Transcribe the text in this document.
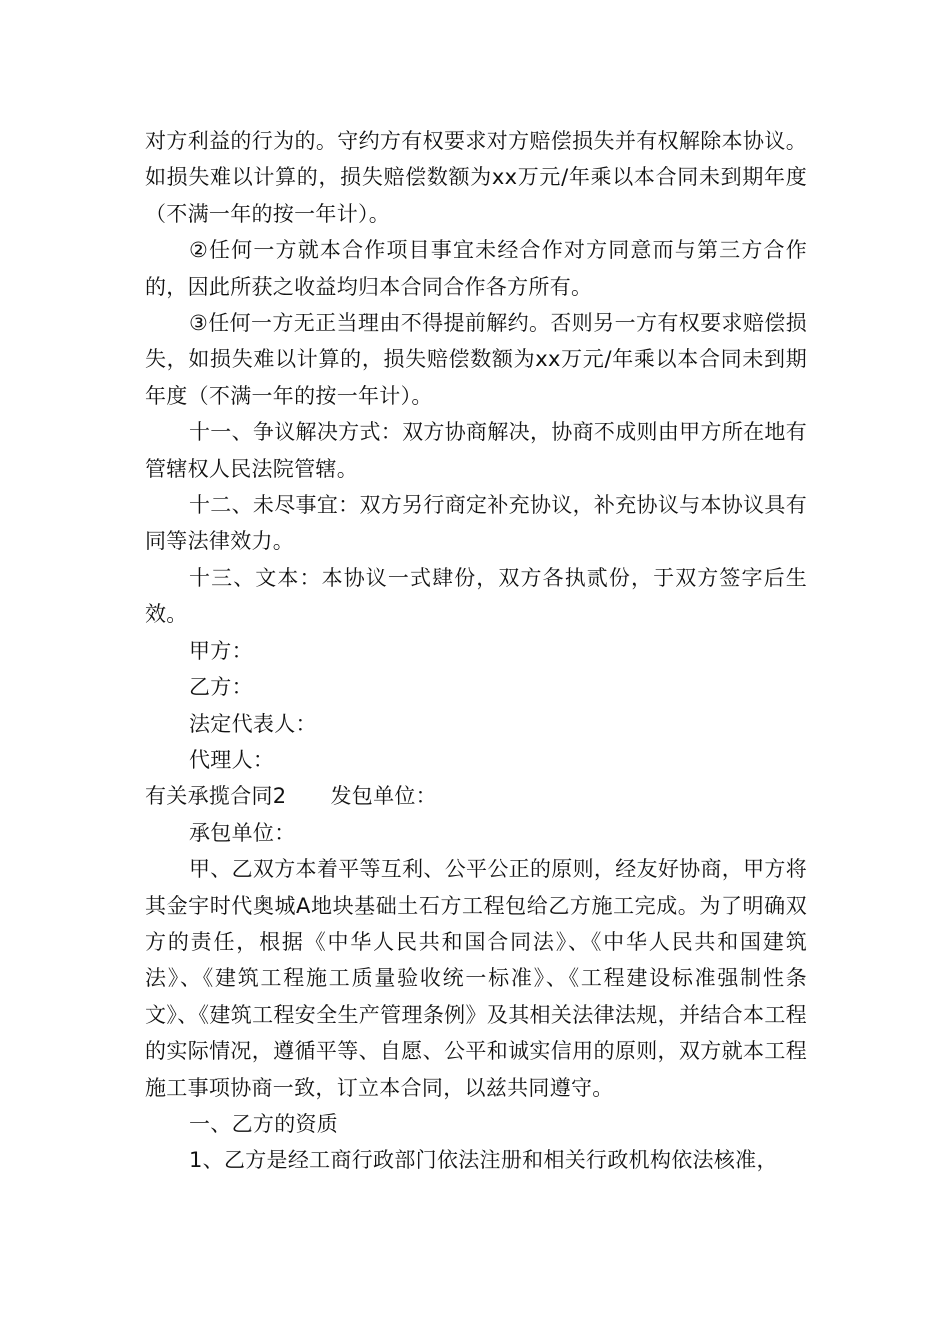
对方利益的行为的。守约方有权要求对方赔偿损失并有权解除本协议。如损失难以计算的，损失赔偿数额为xx万元/年乘以本合同未到期年度（不满一年的按一年计）。

②任何一方就本合作项目事宜未经合作对方同意而与第三方合作的，因此所获之收益均归本合同合作各方所有。

③任何一方无正当理由不得提前解约。否则另一方有权要求赔偿损失，如损失难以计算的，损失赔偿数额为xx万元/年乘以本合同未到期年度（不满一年的按一年计）。

十一、争议解决方式：双方协商解决，协商不成则由甲方所在地有管辖权人民法院管辖。

十二、未尽事宜：双方另行商定补充协议，补充协议与本协议具有同等法律效力。

十三、文本：本协议一式肆份，双方各执贰份，于双方签字后生效。

甲方：

乙方：

法定代表人：

代理人：

有关承揽合同2 发包单位：

承包单位：

甲、乙双方本着平等互利、公平公正的原则，经友好协商，甲方将其金宇时代奥城A地块基础土石方工程包给乙方施工完成。为了明确双方的责任，根据《中华人民共和国合同法》、《中华人民共和国建筑法》、《建筑工程施工质量验收统一标准》、《工程建设标准强制性条文》、《建筑工程安全生产管理条例》及其相关法律法规，并结合本工程的实际情况，遵循平等、自愿、公平和诚实信用的原则，双方就本工程施工事项协商一致，订立本合同，以兹共同遵守。

一、乙方的资质

1、乙方是经工商行政部门依法注册和相关行政机构依法核准，
